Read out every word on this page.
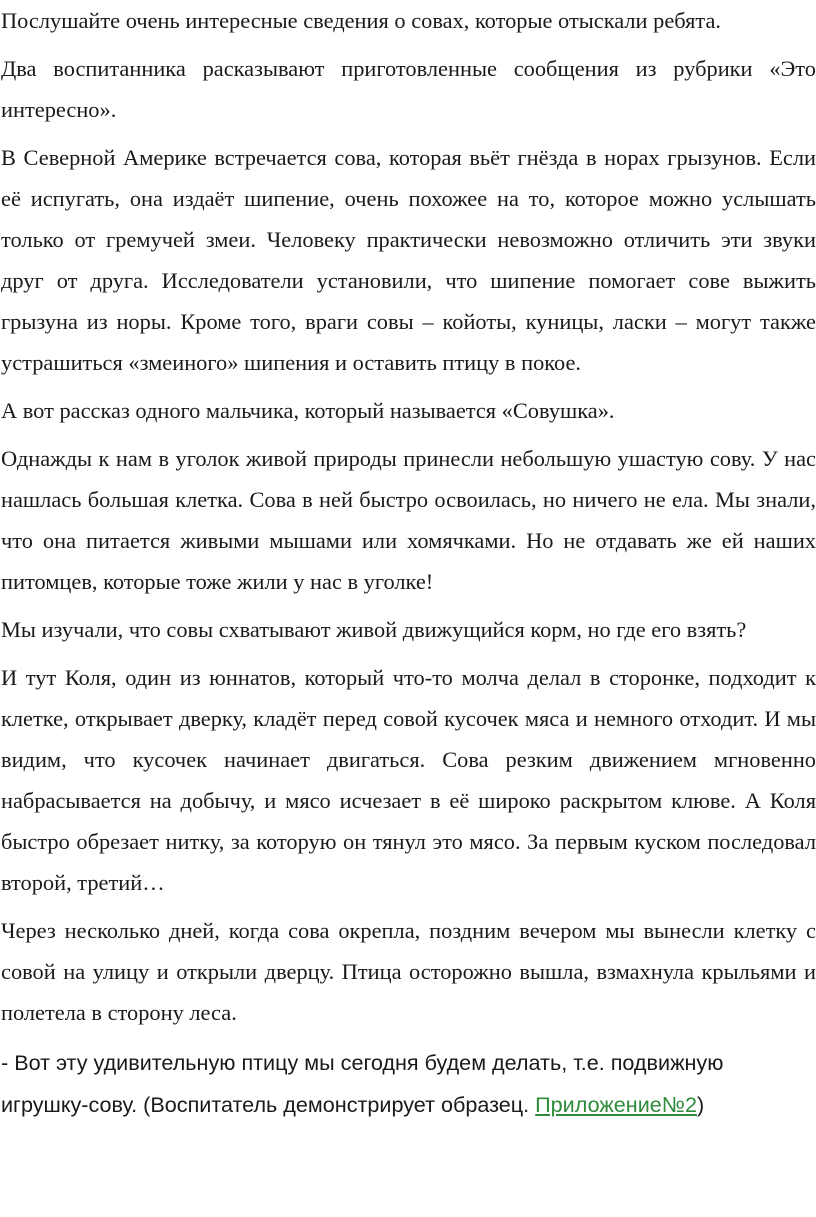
Послушайте очень интересные сведения о совах, которые отыскали ребята.

Два воспитанника расказывают приготовленные сообщения из рубрики «Это интересно».

В Северной Америке встречается сова, которая вьёт гнёзда в норах грызунов. Если её испугать, она издаёт шипение, очень похожее на то, которое можно услышать только от гремучей змеи. Человеку практически невозможно отличить эти звуки друг от друга. Исследователи установили, что шипение помогает сове выжить грызуна из норы. Кроме того, враги совы – койоты, куницы, ласки – могут также устрашиться «змеиного» шипения и оставить птицу в покое.

А вот рассказ одного мальчика, который называется «Совушка».

Однажды к нам в уголок живой природы принесли небольшую ушастую сову. У нас нашлась большая клетка. Сова в ней быстро освоилась, но ничего не ела. Мы знали, что она питается живыми мышами или хомячками. Но не отдавать же ей наших питомцев, которые тоже жили у нас в уголке!

Мы изучали, что совы схватывают живой движущийся корм, но где его взять?

И тут Коля, один из юннатов, который что-то молча делал в сторонке, подходит к клетке, открывает дверку, кладёт перед совой кусочек мяса и немного отходит. И мы видим, что кусочек начинает двигаться. Сова резким движением мгновенно набрасывается на добычу, и мясо исчезает в её широко раскрытом клюве. А Коля быстро обрезает нитку, за которую он тянул это мясо. За первым куском последовал второй, третий…

Через несколько дней, когда сова окрепла, поздним вечером мы вынесли клетку с совой на улицу и открыли дверцу. Птица осторожно вышла, взмахнула крыльями и полетела в сторону леса.

- Вот эту удивительную птицу мы сегодня будем делать, т.е. подвижную игрушку-сову. (Воспитатель демонстрирует образец. Приложение№2)
